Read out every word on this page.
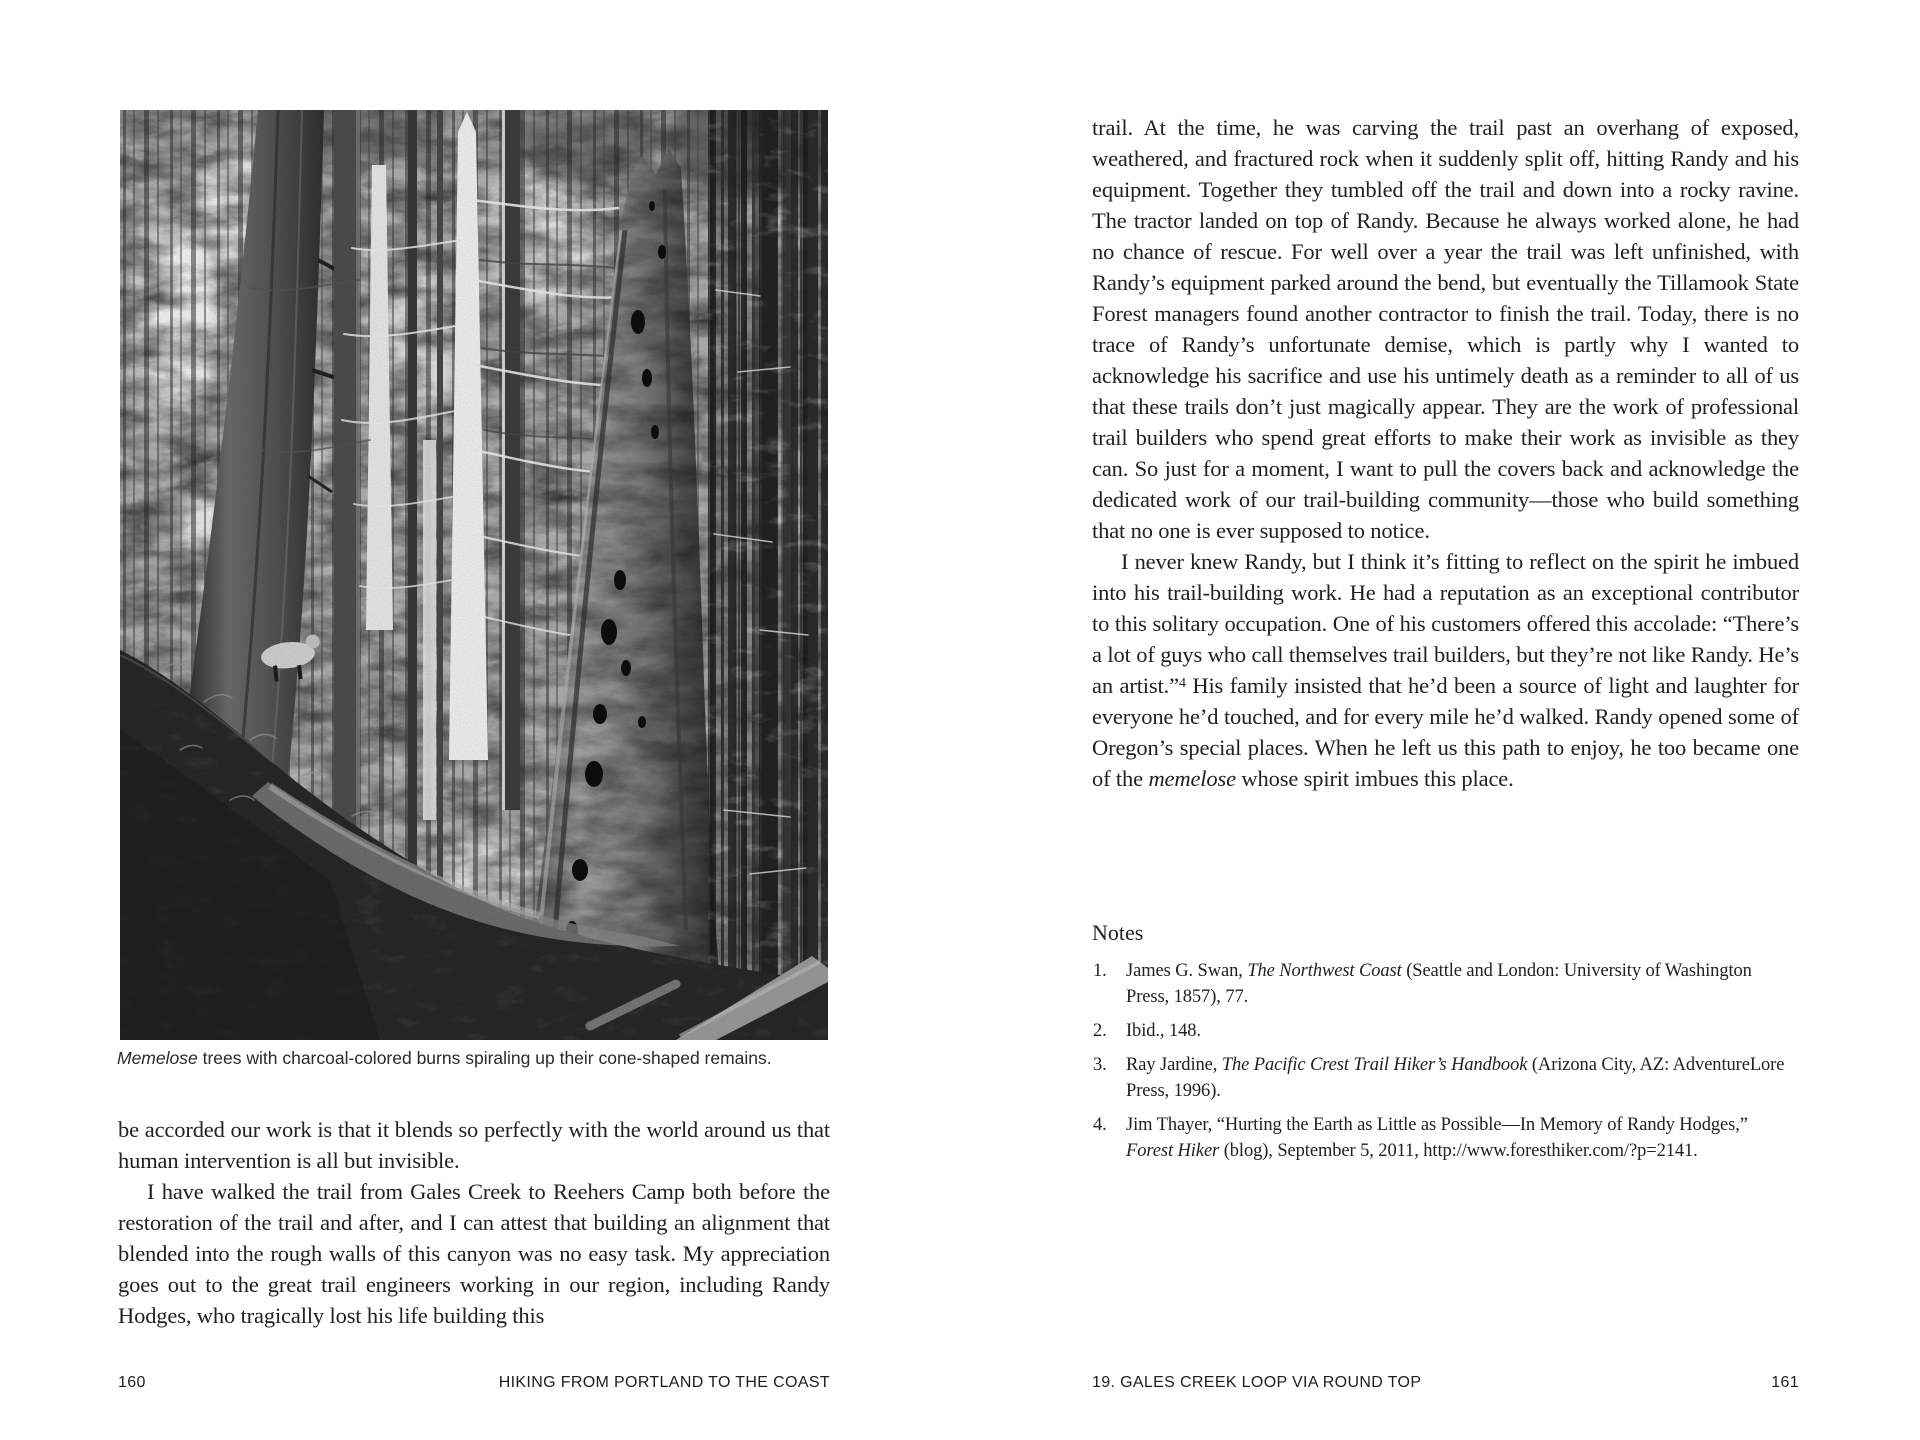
Memelose trees with charcoal-colored burns spiraling up their cone-shaped remains.

be accorded our work is that it blends so perfectly with the world around us that human intervention is all but invisible.

I have walked the trail from Gales Creek to Reehers Camp both before the restoration of the trail and after, and I can attest that building an alignment that blended into the rough walls of this canyon was no easy task. My appreciation goes out to the great trail engineers working in our region, including Randy Hodges, who tragically lost his life building this

160	HIKING FROM PORTLAND TO THE COAST

trail. At the time, he was carving the trail past an overhang of exposed, weathered, and fractured rock when it suddenly split off, hitting Randy and his equipment. Together they tumbled off the trail and down into a rocky ravine. The tractor landed on top of Randy. Because he always worked alone, he had no chance of rescue. For well over a year the trail was left unfinished, with Randy’s equipment parked around the bend, but eventually the Tillamook State Forest managers found another contractor to finish the trail. Today, there is no trace of Randy’s unfortunate demise, which is partly why I wanted to acknowledge his sacrifice and use his untimely death as a reminder to all of us that these trails don’t just magically appear. They are the work of professional trail builders who spend great efforts to make their work as invisible as they can. So just for a moment, I want to pull the covers back and acknowledge the dedicated work of our trail-building community—those who build something that no one is ever supposed to notice.

I never knew Randy, but I think it’s fitting to reflect on the spirit he imbued into his trail-building work. He had a reputation as an exceptional contributor to this solitary occupation. One of his customers offered this accolade: “There’s a lot of guys who call themselves trail builders, but they’re not like Randy. He’s an artist.”$^4$ His family insisted that he’d been a source of light and laughter for everyone he’d touched, and for every mile he’d walked. Randy opened some of Oregon’s special places. When he left us this path to enjoy, he too became one of the memelose whose spirit imbues this place.

Notes
1. James G. Swan, The Northwest Coast (Seattle and London: University of Washington Press, 1857), 77.
2. Ibid., 148.
3. Ray Jardine, The Pacific Crest Trail Hiker’s Handbook (Arizona City, AZ: AdventureLore Press, 1996).
4. Jim Thayer, “Hurting the Earth as Little as Possible—In Memory of Randy Hodges,” Forest Hiker (blog), September 5, 2011, http://www.foresthiker.com/?p=2141.
19. GALES CREEK LOOP VIA ROUND TOP	161
